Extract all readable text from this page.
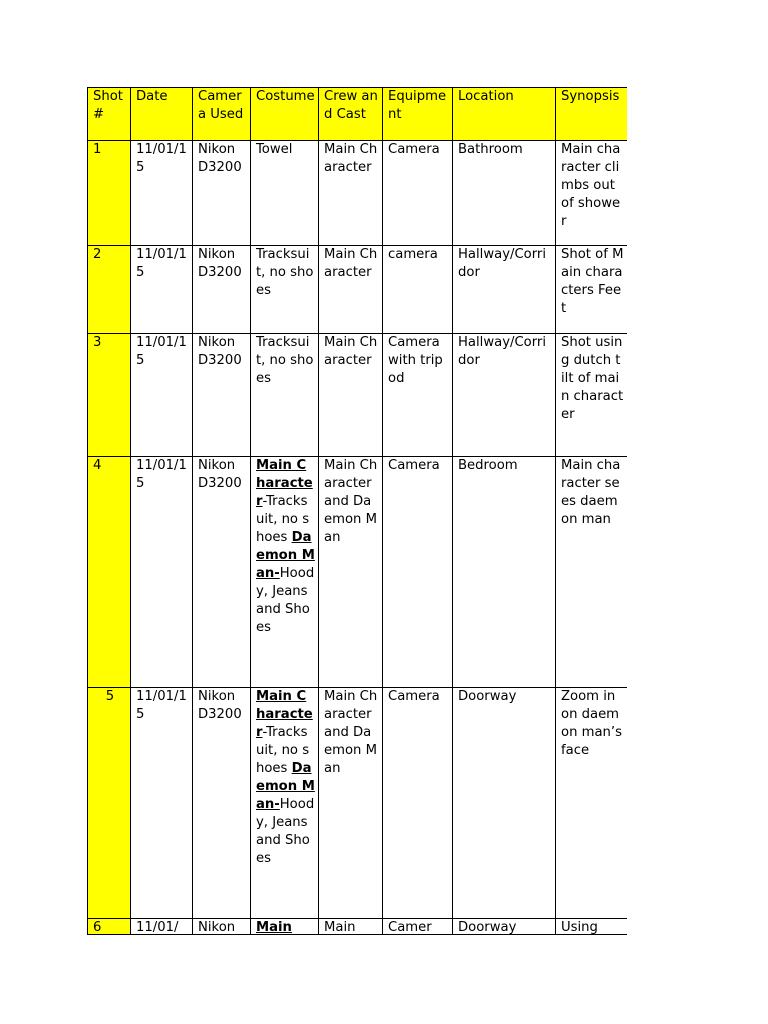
Shot #	Date	Camera Used	Costume	Crew and Cast	Equipment	Location	Synopsis
1	11/01/15	Nikon D3200	Towel	Main Character	Camera	Bathroom	Main character climbs out of shower
2	11/01/15	Nikon D3200	Tracksuit, no shoes	Main Character	camera	Hallway/Corridor	Shot of Main characters Feet
3	11/01/15	Nikon D3200	Tracksuit, no shoes	Main Character	Camera with tripod	Hallway/Corridor	Shot using dutch tilt of main character
4	11/01/15	Nikon D3200	Main Character-Tracksuit, no shoes Daemon Man-Hoody, Jeans and Shoes	Main Character and Daemon Man	Camera	Bedroom	Main character sees daemon man
5	11/01/15	Nikon D3200	Main Character-Tracksuit, no shoes Daemon Man-Hoody, Jeans and Shoes	Main Character and Daemon Man	Camera	Doorway	Zoom in on daemon man’s face
6	11/01/	Nikon	Main	Main	Camer	Doorway	Using
